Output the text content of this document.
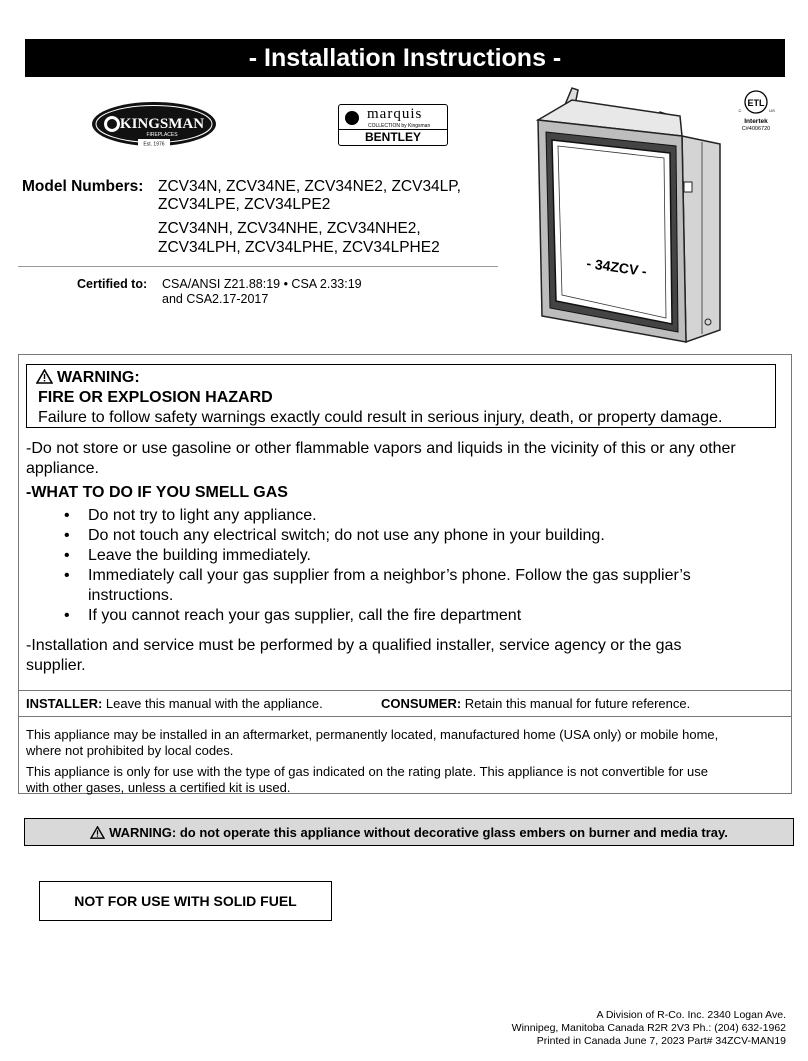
- Installation Instructions -
KINGSMAN
FIREPLACES
Est. 1976
marquis
COLLECTION by Kingsman
BENTLEY
- 34ZCV -
ETL
C	US
Intertek
C#4006720
Model Numbers: ZCV34N, ZCV34NE, ZCV34NE2, ZCV34LP,
ZCV34LPE, ZCV34LPE2
ZCV34NH, ZCV34NHE, ZCV34NHE2,
ZCV34LPH, ZCV34LPHE, ZCV34LPHE2
Certified to: CSA/ANSI Z21.88:19 • CSA 2.33:19
and CSA2.17-2017
WARNING:
FIRE OR EXPLOSION HAZARD
Failure to follow safety warnings exactly could result in serious injury, death, or property damage.
-Do not store or use gasoline or other flammable vapors and liquids in the vicinity of this or any other
appliance.
-WHAT TO DO IF YOU SMELL GAS
• Do not try to light any appliance.
• Do not touch any electrical switch; do not use any phone in your building.
• Leave the building immediately.
• Immediately call your gas supplier from a neighbor’s phone. Follow the gas supplier’s
instructions.
• If you cannot reach your gas supplier, call the fire department
-Installation and service must be performed by a qualified installer, service agency or the gas
supplier.
INSTALLER: Leave this manual with the appliance.	CONSUMER: Retain this manual for future reference.
This appliance may be installed in an aftermarket, permanently located, manufactured home (USA only) or mobile home,
where not prohibited by local codes.
This appliance is only for use with the type of gas indicated on the rating plate. This appliance is not convertible for use
with other gases, unless a certified kit is used.
WARNING: do not operate this appliance without decorative glass embers on burner and media tray.
NOT FOR USE WITH SOLID FUEL
A Division of R-Co. Inc. 2340 Logan Ave.
Winnipeg, Manitoba Canada R2R 2V3 Ph.: (204) 632-1962
Printed in Canada June 7, 2023 Part# 34ZCV-MAN19
